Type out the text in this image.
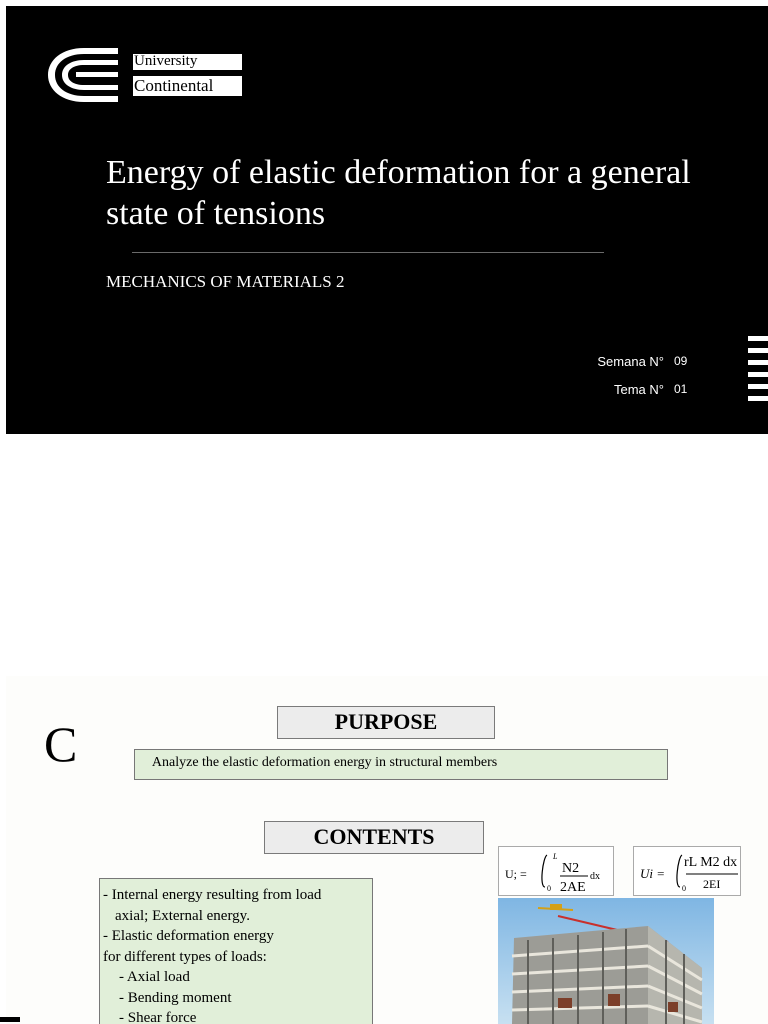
University
Continental
Energy of elastic deformation for a general state of tensions
MECHANICS OF MATERIALS 2
Semana N° 09
Tema N° 01
C	PURPOSE
Analyze the elastic deformation energy in structural members
CONTENTS
- Internal energy resulting from load
axial; External energy.
- Elastic deformation energy
for different types of loads:
- Axial load
- Bending moment
- Shear force
U; =
0
L
N2
2AE
dx	Ui =
0
rL M2 dx
2EI
